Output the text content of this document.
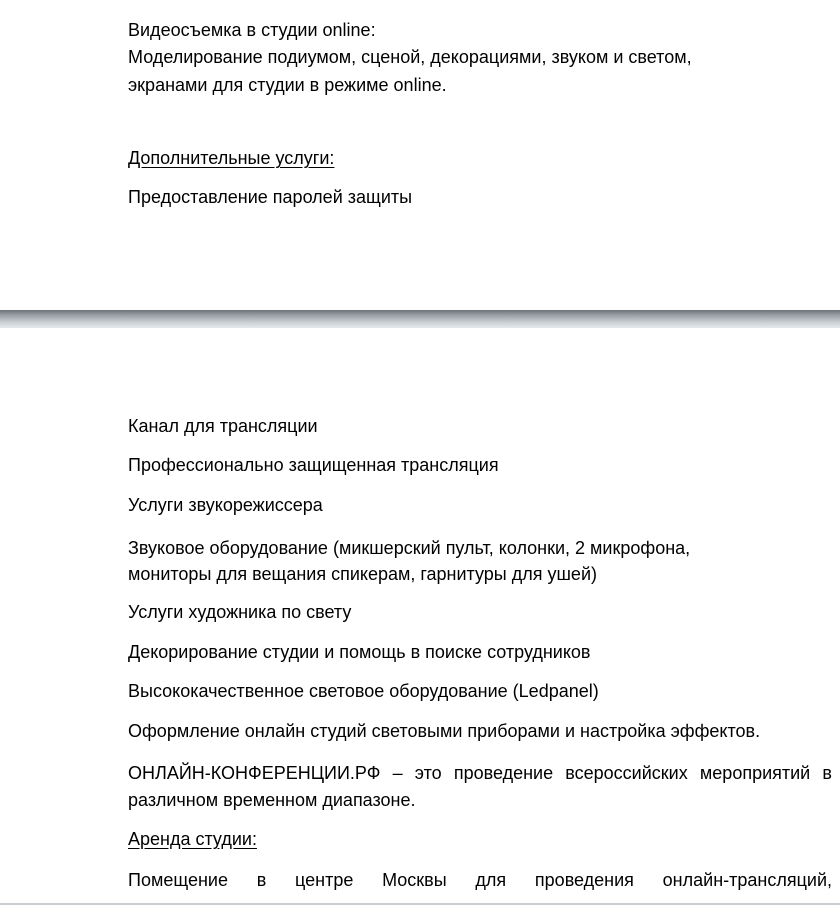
Видеосъемка в студии online:

Моделирование подиумом, сценой, декорациями, звуком и светом,

экранами для студии в режиме online.

Дополнительные услуги:

Предоставление паролей защиты

Канал для трансляции

Профессионально защищенная трансляция

Услуги звукорежиссера

Звуковое оборудование (микшерский пульт, колонки, 2 микрофона,

мониторы для вещания спикерам, гарнитуры для ушей)

Услуги художника по свету

Декорирование студии и помощь в поиске сотрудников

Высококачественное световое оборудование (Ledpanel)

Оформление онлайн студий световыми приборами и настройка эффектов.

ОНЛАЙН-КОНФЕРЕНЦИИ.РФ – это проведение всероссийских мероприятий в

различном временном диапазоне.

Аренда студии:

Помещение в центре Москвы для проведения онлайн-трансляций,
